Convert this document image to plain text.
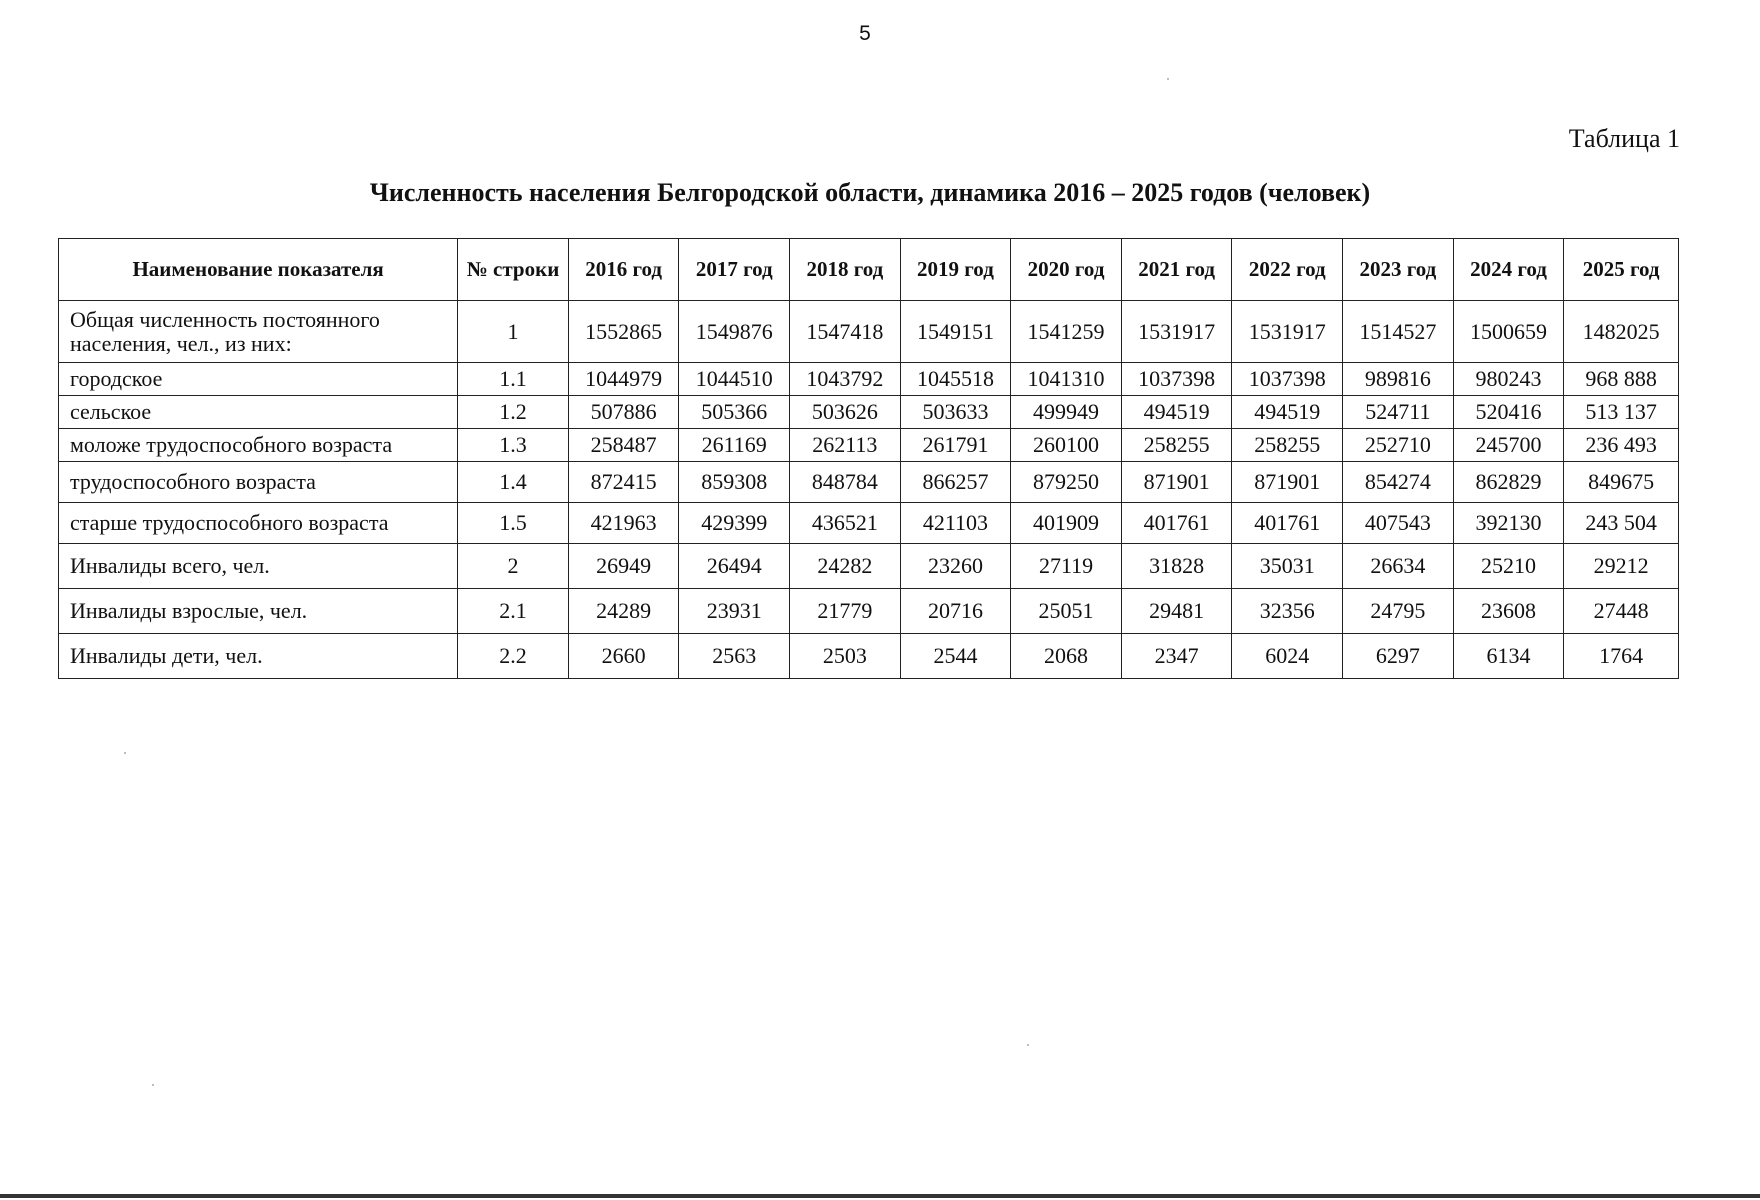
5
Таблица 1
Численность населения Белгородской области, динамика 2016 – 2025 годов (человек)
Наименование показателя	№ строки	2016 год	2017 год	2018 год	2019 год	2020 год	2021 год	2022 год	2023 год	2024 год	2025 год
Общая численность постоянного населения, чел., из них:	1	1552865	1549876	1547418	1549151	1541259	1531917	1531917	1514527	1500659	1482025
городское	1.1	1044979	1044510	1043792	1045518	1041310	1037398	1037398	989816	980243	968 888
сельское	1.2	507886	505366	503626	503633	499949	494519	494519	524711	520416	513 137
моложе трудоспособного возраста	1.3	258487	261169	262113	261791	260100	258255	258255	252710	245700	236 493
трудоспособного возраста	1.4	872415	859308	848784	866257	879250	871901	871901	854274	862829	849675
старше трудоспособного возраста	1.5	421963	429399	436521	421103	401909	401761	401761	407543	392130	243 504
Инвалиды всего, чел.	2	26949	26494	24282	23260	27119	31828	35031	26634	25210	29212
Инвалиды взрослые, чел.	2.1	24289	23931	21779	20716	25051	29481	32356	24795	23608	27448
Инвалиды дети, чел.	2.2	2660	2563	2503	2544	2068	2347	6024	6297	6134	1764
